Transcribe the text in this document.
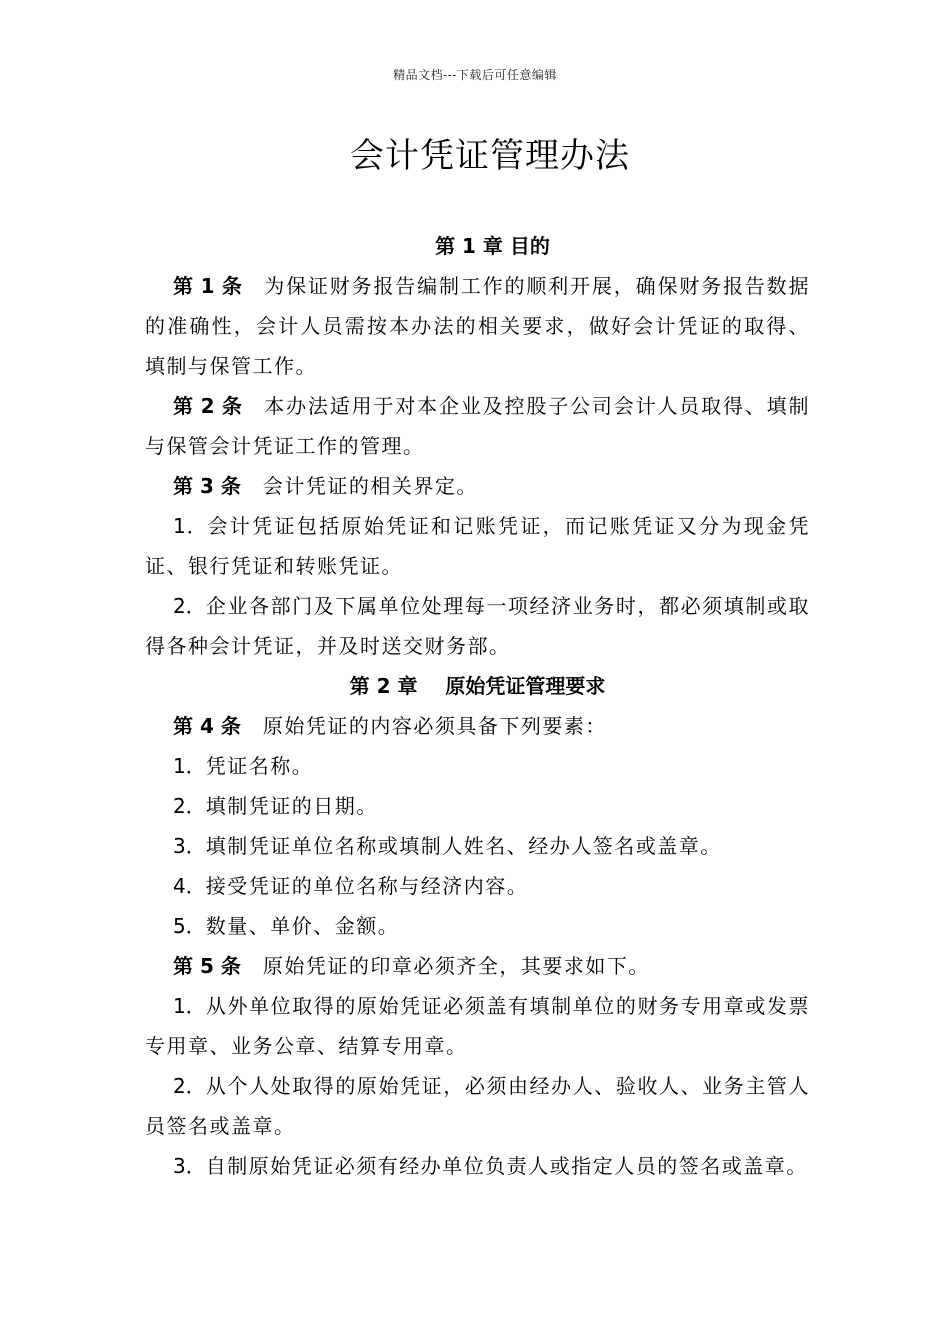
精品文档---下载后可任意编辑
会计凭证管理办法

第 1 章 目的

第 1 条 为保证财务报告编制工作的顺利开展，确保财务报告数据的准确性，会计人员需按本办法的相关要求，做好会计凭证的取得、填制与保管工作。

第 2 条 本办法适用于对本企业及控股子公司会计人员取得、填制与保管会计凭证工作的管理。

第 3 条 会计凭证的相关界定。

1．会计凭证包括原始凭证和记账凭证，而记账凭证又分为现金凭证、银行凭证和转账凭证。

2．企业各部门及下属单位处理每一项经济业务时，都必须填制或取得各种会计凭证，并及时送交财务部。

第 2 章    原始凭证管理要求

第 4 条 原始凭证的内容必须具备下列要素：

1．凭证名称。

2．填制凭证的日期。

3．填制凭证单位名称或填制人姓名、经办人签名或盖章。

4．接受凭证的单位名称与经济内容。

5．数量、单价、金额。

第 5 条 原始凭证的印章必须齐全，其要求如下。

1．从外单位取得的原始凭证必须盖有填制单位的财务专用章或发票专用章、业务公章、结算专用章。

2．从个人处取得的原始凭证，必须由经办人、验收人、业务主管人员签名或盖章。

3．自制原始凭证必须有经办单位负责人或指定人员的签名或盖章。
